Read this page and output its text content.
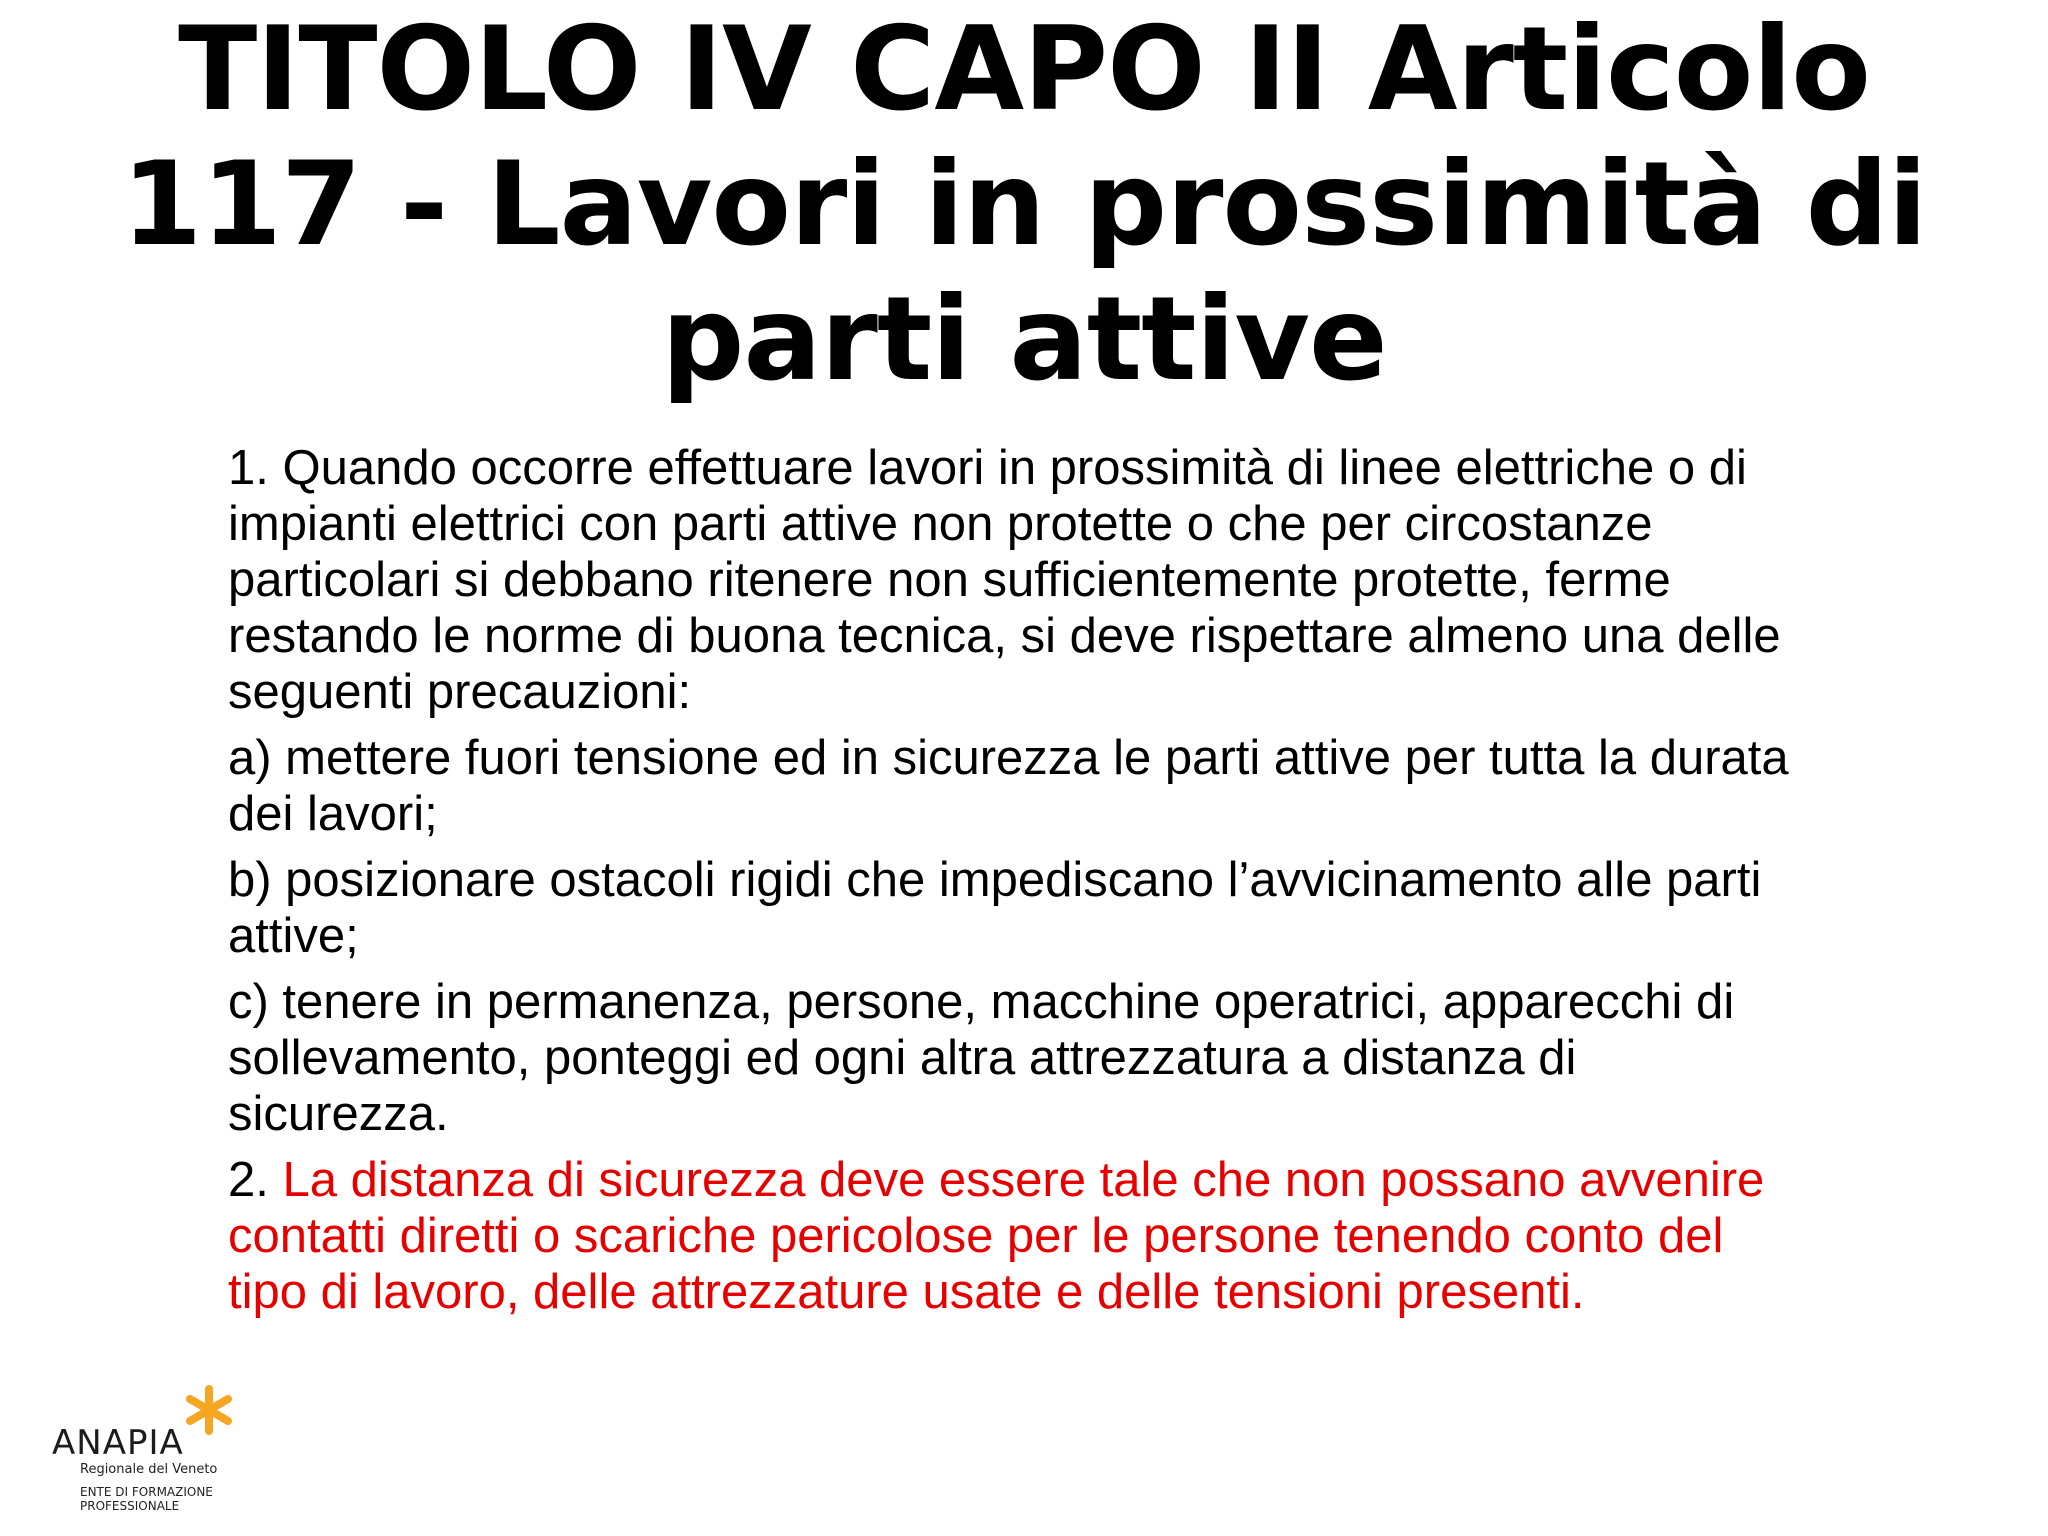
TITOLO IV CAPO II Articolo
117 - Lavori in prossimità di
parti attive

1. Quando occorre effettuare lavori in prossimità di linee elettriche o di
impianti elettrici con parti attive non protette o che per circostanze
particolari si debbano ritenere non sufficientemente protette, ferme
restando le norme di buona tecnica, si deve rispettare almeno una delle
seguenti precauzioni:

a) mettere fuori tensione ed in sicurezza le parti attive per tutta la durata
dei lavori;

b) posizionare ostacoli rigidi che impediscano l’avvicinamento alle parti
attive;

c) tenere in permanenza, persone, macchine operatrici, apparecchi di
sollevamento, ponteggi ed ogni altra attrezzatura a distanza di
sicurezza.

2. La distanza di sicurezza deve essere tale che non possano avvenire
contatti diretti o scariche pericolose per le persone tenendo conto del
tipo di lavoro, delle attrezzature usate e delle tensioni presenti.

ANAPIA
Regionale del Veneto
ENTE DI FORMAZIONE
PROFESSIONALE
